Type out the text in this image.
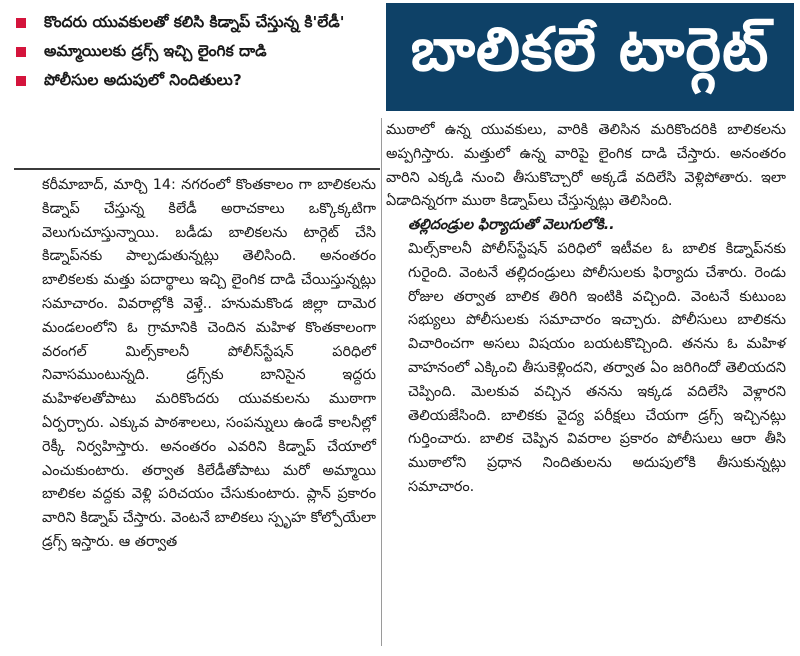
కొందరు యువకులతో కలిసి కిడ్నాప్ చేస్తున్న కి'లేడీ'
అమ్మాయిలకు డ్రగ్స్ ఇచ్చి లైంగిక దాడి
పోలీసుల అదుపులో నిందితులు?	బాలికలే టార్గెట్

కరీమాబాద్, మార్చి 14: నగరంలో కొంతకాలం గా బాలికలను కిడ్నాప్ చేస్తున్న కిలేడీ అరాచకాలు ఒక్కొక్కటిగా వెలుగుచూస్తున్నాయి. బడీడు బాలికలను టార్గెట్ చేసి కిడ్నాప్‌నకు పాల్పడుతున్నట్లు తెలిసింది. అనంతరం బాలికలకు మత్తు పదార్థాలు ఇచ్చి లైంగిక దాడి చేయిస్తున్నట్లు సమాచారం. వివరాల్లోకి వెళ్తే.. హనుమకొండ జిల్లా దామెర మండలంలోని ఓ గ్రామానికి చెందిన మహిళ కొంతకాలంగా వరంగల్ మిల్స్‌కాలనీ పోలీస్‌స్టేషన్ పరిధిలో నివాసముంటున్నది. డ్రగ్స్‌కు బానిసైన ఇద్దరు మహిళలతోపాటు మరికొందరు యువకులను ముఠాగా ఏర్పర్చారు. ఎక్కువ పాఠశాలలు, సంపన్నులు ఉండే కాలనీల్లో రెక్కీ నిర్వహిస్తారు. అనంతరం ఎవరిని కిడ్నాప్ చేయాలో ఎంచుకుంటారు. తర్వాత కిలేడీతోపాటు మరో అమ్మాయి బాలికల వద్దకు వెళ్లి పరిచయం చేసుకుంటారు. ప్లాన్ ప్రకారం వారిని కిడ్నాప్ చేస్తారు. వెంటనే బాలికలు స్పృహ కోల్పోయేలా డ్రగ్స్ ఇస్తారు. ఆ తర్వాత

ముఠాలో ఉన్న యువకులు, వారికి తెలిసిన మరికొందరికి బాలికలను అప్పగిస్తారు. మత్తులో ఉన్న వారిపై లైంగిక దాడి చేస్తారు. అనంతరం వారిని ఎక్కడి నుంచి తీసుకొచ్చారో అక్కడే వదిలేసి వెళ్లిపోతారు. ఇలా ఏడాదిన్నరగా ముఠా కిడ్నాప్‌లు చేస్తున్నట్లు తెలిసింది.

తల్లిదండ్రుల ఫిర్యాదుతో వెలుగులోకి..

మిల్స్‌కాలనీ పోలీస్‌స్టేషన్ పరిధిలో ఇటీవల ఓ బాలిక కిడ్నాప్‌నకు గురైంది. వెంటనే తల్లిదండ్రులు పోలీసులకు ఫిర్యాదు చేశారు. రెండు రోజుల తర్వాత బాలిక తిరిగి ఇంటికి వచ్చింది. వెంటనే కుటుంబ సభ్యులు పోలీసులకు సమాచారం ఇచ్చారు. పోలీసులు బాలికను విచారించగా అసలు విషయం బయటకొచ్చింది. తనను ఓ మహిళ వాహనంలో ఎక్కించి తీసుకెళ్లిందని, తర్వాత ఏం జరిగిందో తెలియదని చెప్పింది. మెలకువ వచ్చిన తనను ఇక్కడ వదిలేసి వెళ్లారని తెలియజేసింది. బాలికకు వైద్య పరీక్షలు చేయగా డ్రగ్స్ ఇచ్చినట్లు గుర్తించారు. బాలిక చెప్పిన వివరాల ప్రకారం పోలీసులు ఆరా తీసి ముఠాలోని ప్రధాన నిందితులను అదుపులోకి తీసుకున్నట్లు సమాచారం.
